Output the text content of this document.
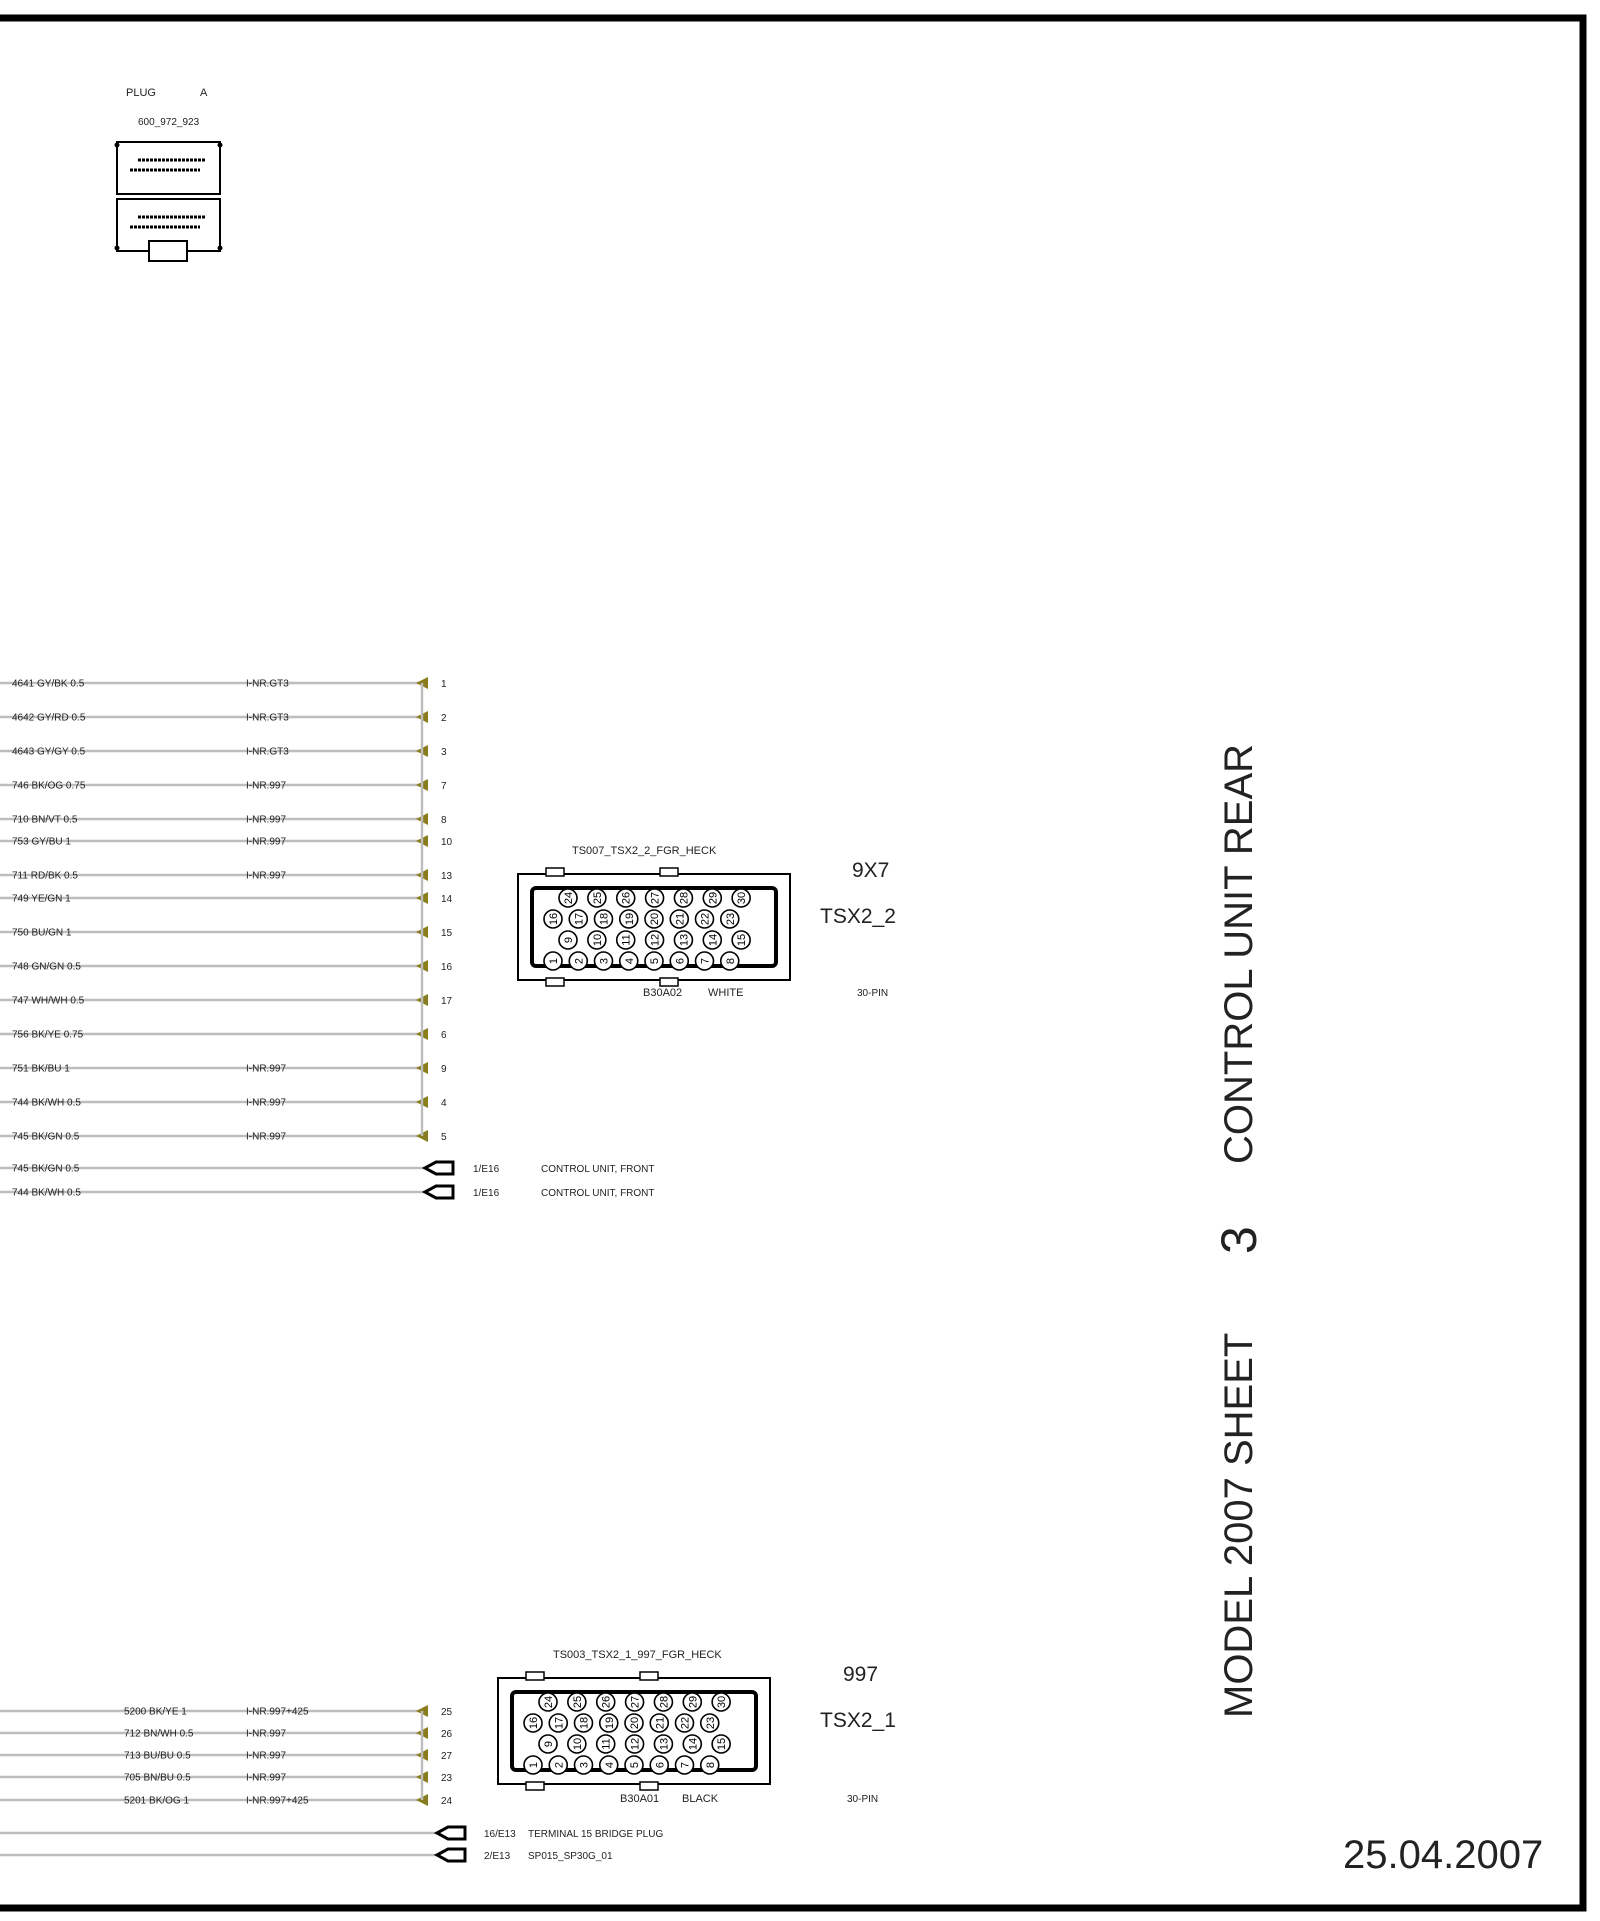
PLUG	A
600_972_923
4641 GY/BK 0.5	I-NR.GT3	1
4642 GY/RD 0.5	I-NR.GT3	2
4643 GY/GY 0.5	I-NR.GT3	3
746 BK/OG 0.75	I-NR.997	7
710 BN/VT 0.5	I-NR.997	8
753 GY/BU 1	I-NR.997	10
711 RD/BK 0.5	I-NR.997	13
749 YE/GN 1	14
750 BU/GN 1	15
748 GN/GN 0.5	16
747 WH/WH 0.5	17
756 BK/YE 0.75	6
751 BK/BU 1	I-NR.997	9
744 BK/WH 0.5	I-NR.997	4
745 BK/GN 0.5	I-NR.997	5
745 BK/GN 0.5	1/E16	CONTROL UNIT, FRONT
744 BK/WH 0.5	1/E16	CONTROL UNIT, FRONT
5200 BK/YE 1	I-NR.997+425	25
712 BN/WH 0.5	I-NR.997	26
713 BU/BU 0.5	I-NR.997	27
705 BN/BU 0.5	I-NR.997	23
5201 BK/OG 1	I-NR.997+425	24
16/E13 TERMINAL 15 BRIDGE PLUG
2/E13 SP015_SP30G_01
TS007_TSX2_2_FGR_HECK
9X7
TSX2_2
B30A02 WHITE	30-PIN
24 25 26 27 28 29 30
16 17 18 19 20 21 22 23
9 10 11 12 13 14 15
1 2 3 4 5 6 7 8
TS003_TSX2_1_997_FGR_HECK
997
TSX2_1
B30A01 BLACK	30-PIN
24 25 26 27 28 29 30
16 17 18 19 20 21 22 23
9 10 11 12 13 14 15
1 2 3 4 5 6 7 8
MODEL 2007 SHEET
3
CONTROL UNIT REAR
25.04.2007
